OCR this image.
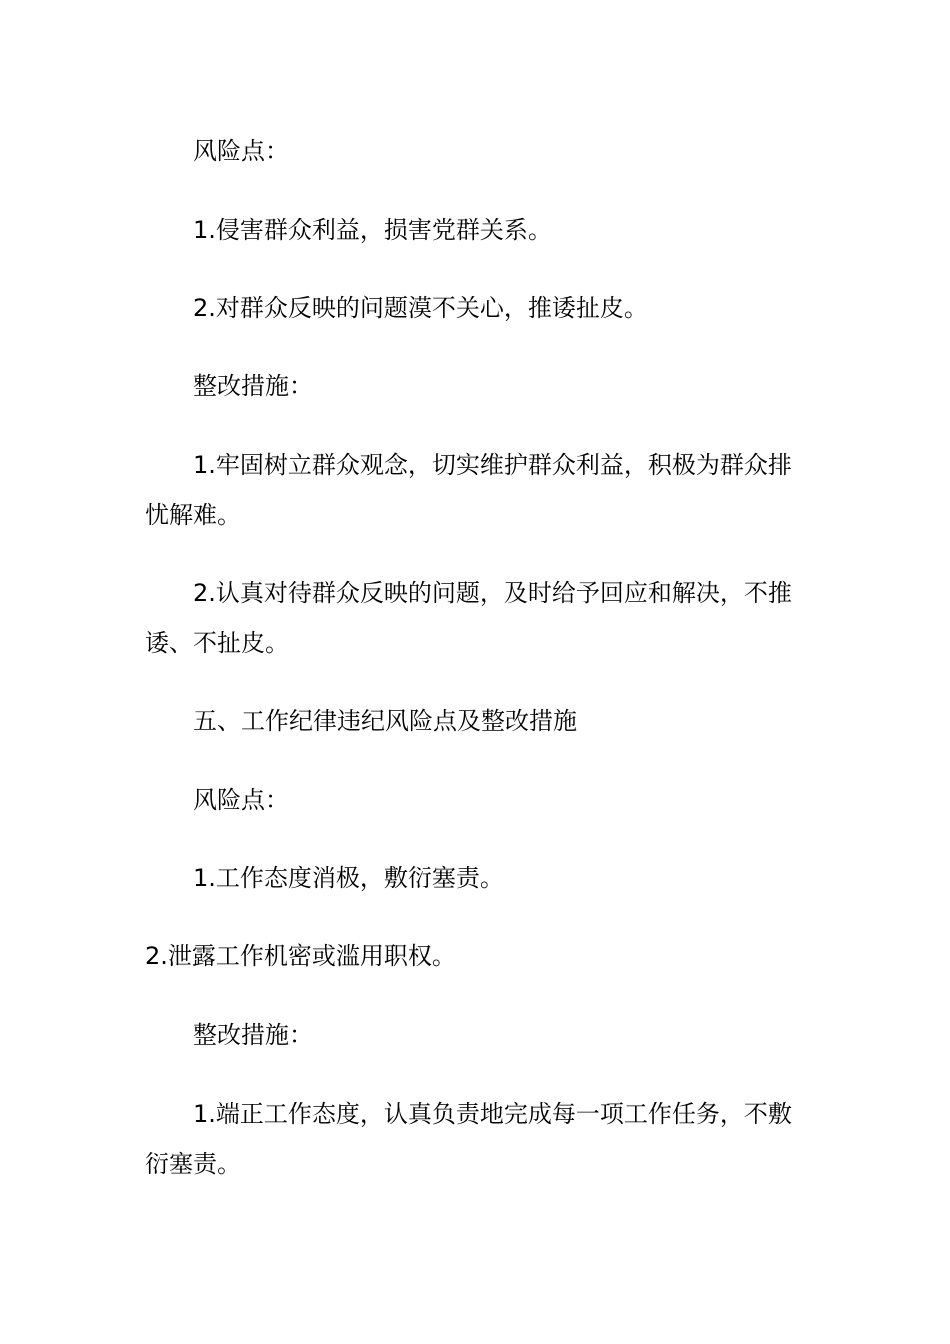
风险点：

1.侵害群众利益，损害党群关系。

2.对群众反映的问题漠不关心，推诿扯皮。

整改措施：

1.牢固树立群众观念，切实维护群众利益，积极为群众排忧解难。

2.认真对待群众反映的问题，及时给予回应和解决，不推诿、不扯皮。

五、工作纪律违纪风险点及整改措施

风险点：

1.工作态度消极，敷衍塞责。

2.泄露工作机密或滥用职权。

整改措施：

1.端正工作态度，认真负责地完成每一项工作任务，不敷衍塞责。
